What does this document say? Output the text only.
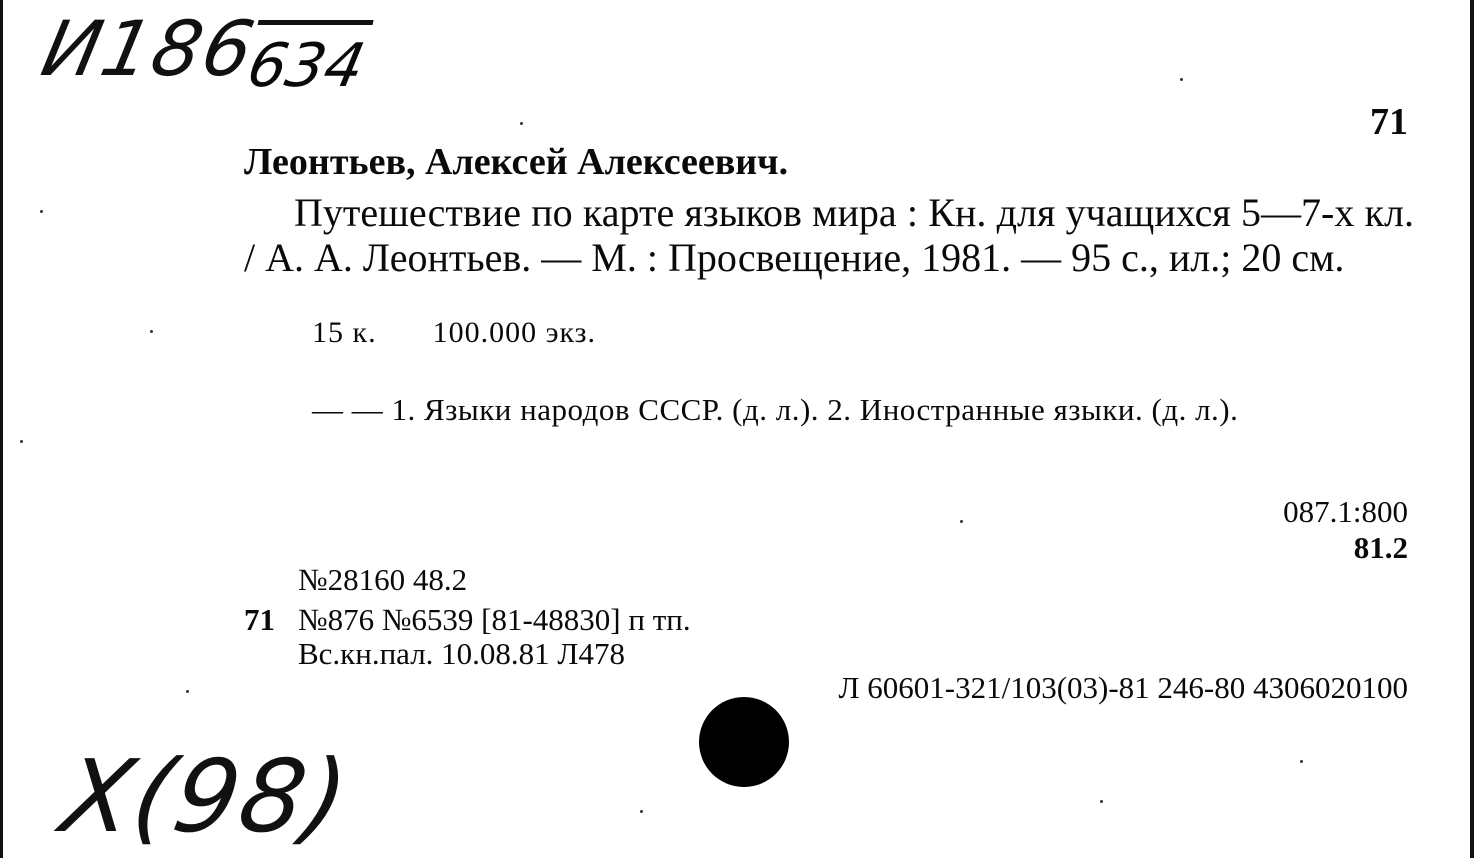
И186
634
71
Леонтьев, Алексей Алексеевич.
Путешествие по карте языков мира : Кн. для учащихся 5—7-х кл. / А. А. Леонтьев. — М. : Просвещение, 1981. — 95 с., ил.; 20 см.
15 к. 100.000 экз.
— — 1. Языки народов СССР. (д. л.). 2. Иностранные языки. (д. л.).
087.1:800
81.2
№28160 48.2
71 №876 №6539 [81-48830] п тп.
Вс.кн.пал. 10.08.81 Л478
Л 60601-321/103(03)-81 246-80 4306020100
X(98)
